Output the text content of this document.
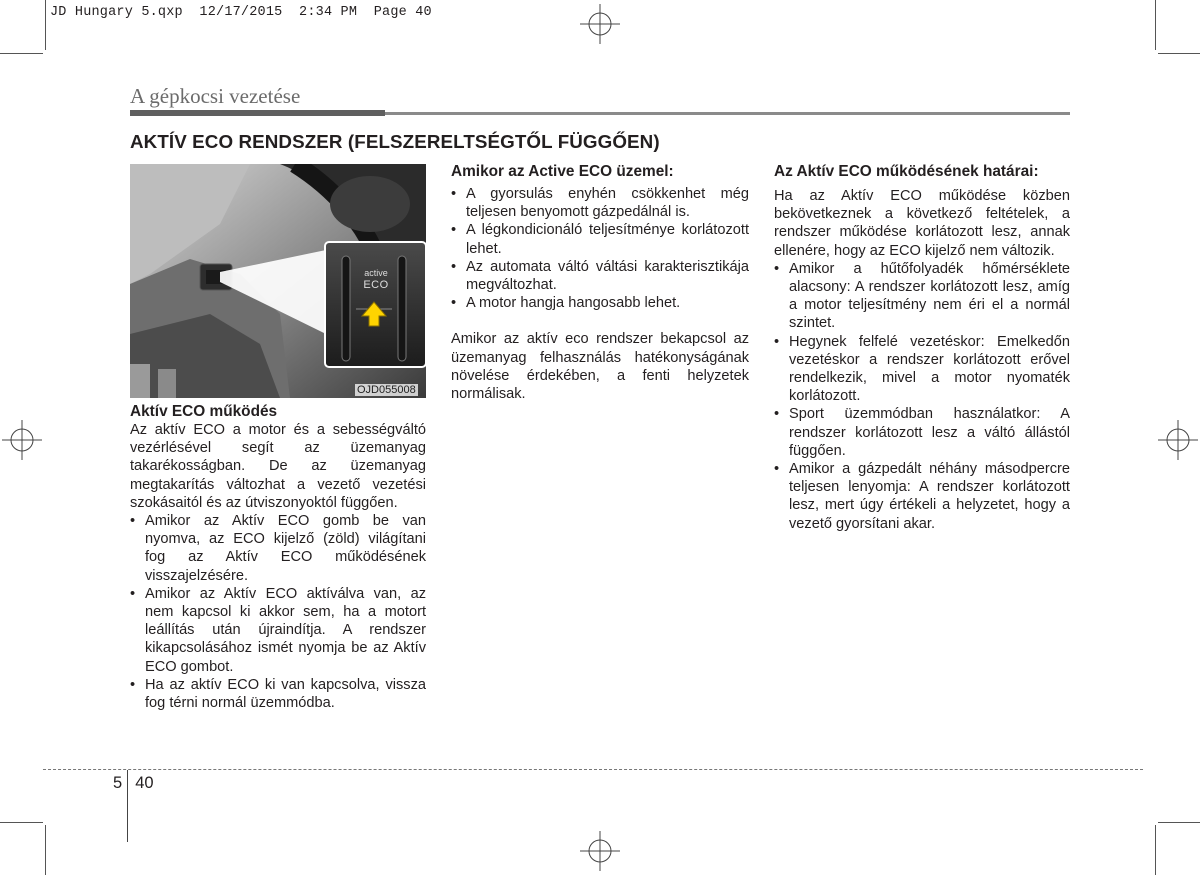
JD Hungary 5.qxp  12/17/2015  2:34 PM  Page 40
A gépkocsi vezetése
AKTÍV ECO RENDSZER (FELSZERELTSÉGTŐL FÜGGŐEN)
active
ECO
OJD055008
Aktív ECO működés

Az aktív ECO a motor és a sebességváltó vezérlésével segít az üzemanyag takarékosságban. De az üzemanyag megtakarítás változhat a vezető vezetési szokásaitól és az útviszonyoktól függően.

• Amikor az Aktív ECO gomb be van nyomva, az ECO kijelző (zöld) világítani fog az Aktív ECO működésének visszajelzésére.
• Amikor az Aktív ECO aktíválva van, az nem kapcsol ki akkor sem, ha a motort leállítás után újraindítja. A rendszer kikapcsolásához ismét nyomja be az Aktív ECO gombot.
• Ha az aktív ECO ki van kapcsolva, vissza fog térni normál üzemmódba.
Amikor az Active ECO üzemel:
• A gyorsulás enyhén csökkenhet még teljesen benyomott gázpedálnál is.
• A légkondicionáló teljesítménye korlátozott lehet.
• Az automata váltó váltási karakterisztikája megváltozhat.
• A motor hangja hangosabb lehet.

Amikor az aktív eco rendszer bekapcsol az üzemanyag felhasználás hatékonyságának növelése érdekében, a fenti helyzetek normálisak.

Az Aktív ECO működésének határai:

Ha az Aktív ECO működése közben bekövetkeznek a következő feltételek, a rendszer működése korlátozott lesz, annak ellenére, hogy az ECO kijelző nem változik.

• Amikor a hűtőfolyadék hőmérséklete alacsony: A rendszer korlátozott lesz, amíg a motor teljesítmény nem éri el a normál szintet.
• Hegynek felfelé vezetéskor: Emelkedőn vezetéskor a rendszer korlátozott erővel rendelkezik, mivel a motor nyomaték korlátozott.
• Sport üzemmódban használatkor: A rendszer korlátozott lesz a váltó állástól függően.
• Amikor a gázpedált néhány másodpercre teljesen lenyomja: A rendszer korlátozott lesz, mert úgy értékeli a helyzetet, hogy a vezető gyorsítani akar.
5 40
